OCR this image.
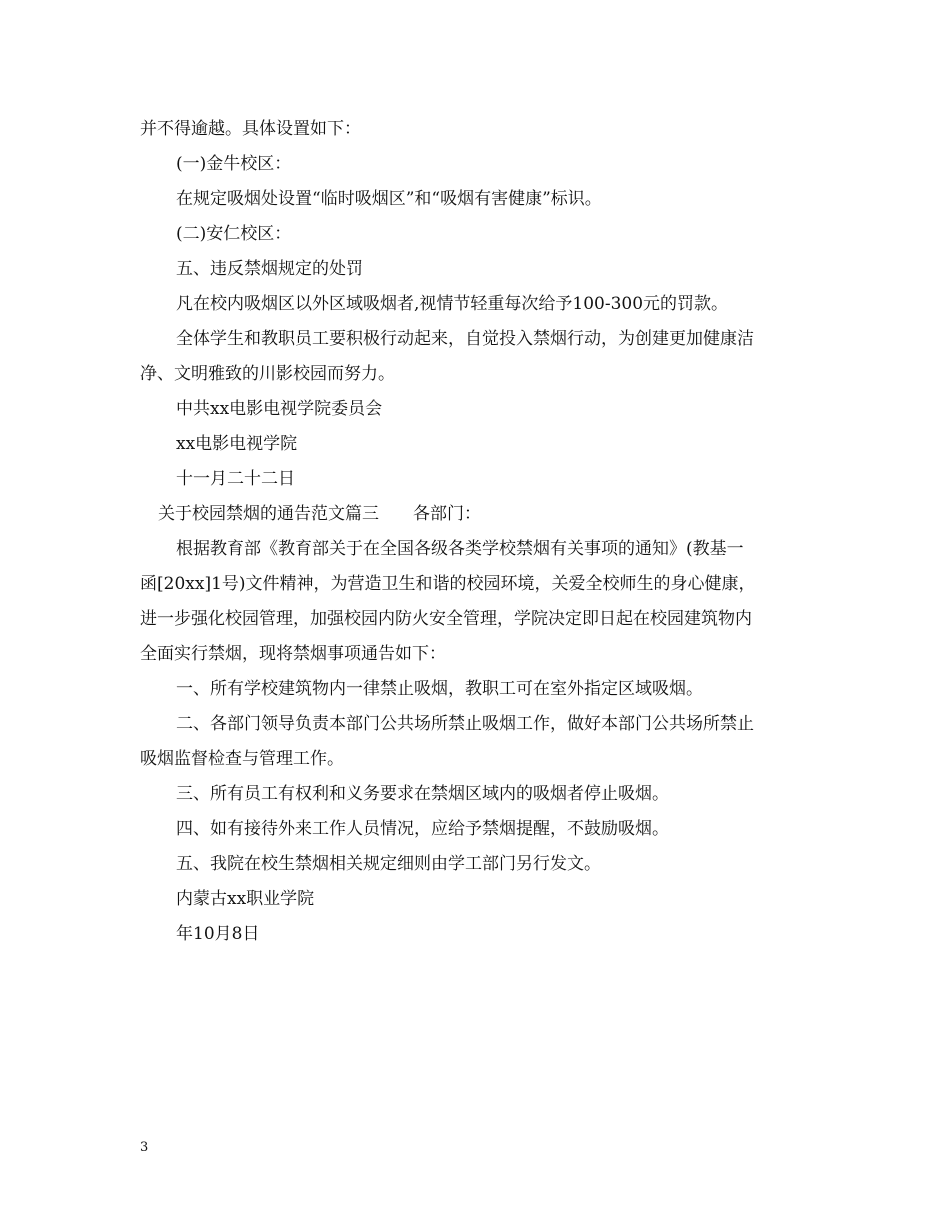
并不得逾越。具体设置如下：
(一)金牛校区：
在规定吸烟处设置“临时吸烟区”和“吸烟有害健康”标识。
(二)安仁校区：
五、违反禁烟规定的处罚
凡在校内吸烟区以外区域吸烟者,视情节轻重每次给予100-300元的罚款。
全体学生和教职员工要积极行动起来，自觉投入禁烟行动，为创建更加健康洁
净、文明雅致的川影校园而努力。
中共xx电影电视学院委员会
xx电影电视学院
十一月二十二日
关于校园禁烟的通告范文篇三　　各部门：
根据教育部《教育部关于在全国各级各类学校禁烟有关事项的通知》(教基一
函[20xx]1号)文件精神，为营造卫生和谐的校园环境，关爱全校师生的身心健康，
进一步强化校园管理，加强校园内防火安全管理，学院决定即日起在校园建筑物内
全面实行禁烟，现将禁烟事项通告如下：
一、所有学校建筑物内一律禁止吸烟，教职工可在室外指定区域吸烟。
二、各部门领导负责本部门公共场所禁止吸烟工作，做好本部门公共场所禁止
吸烟监督检查与管理工作。
三、所有员工有权利和义务要求在禁烟区域内的吸烟者停止吸烟。
四、如有接待外来工作人员情况，应给予禁烟提醒，不鼓励吸烟。
五、我院在校生禁烟相关规定细则由学工部门另行发文。
内蒙古xx职业学院
年10月8日
3
